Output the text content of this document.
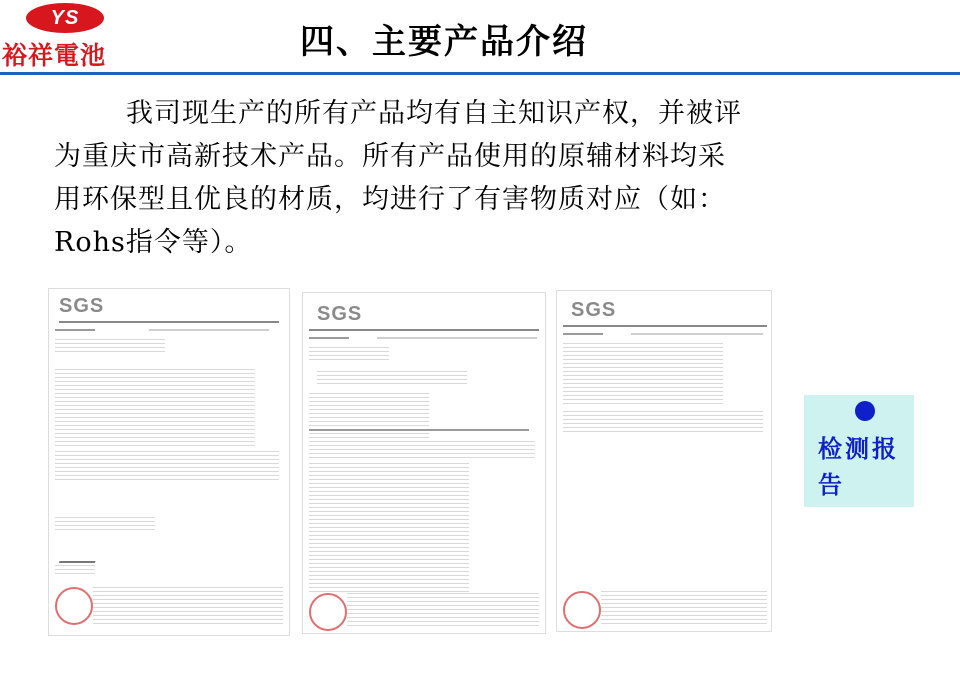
YS
裕祥電池	四、主要产品介绍
我司现生产的所有产品均有自主知识产权，并被评
为重庆市高新技术产品。所有产品使用的原辅材料均采
用环保型且优良的材质，均进行了有害物质对应（如：
Rohs指令等）。
SGS	SGS	SGS
检测报告
